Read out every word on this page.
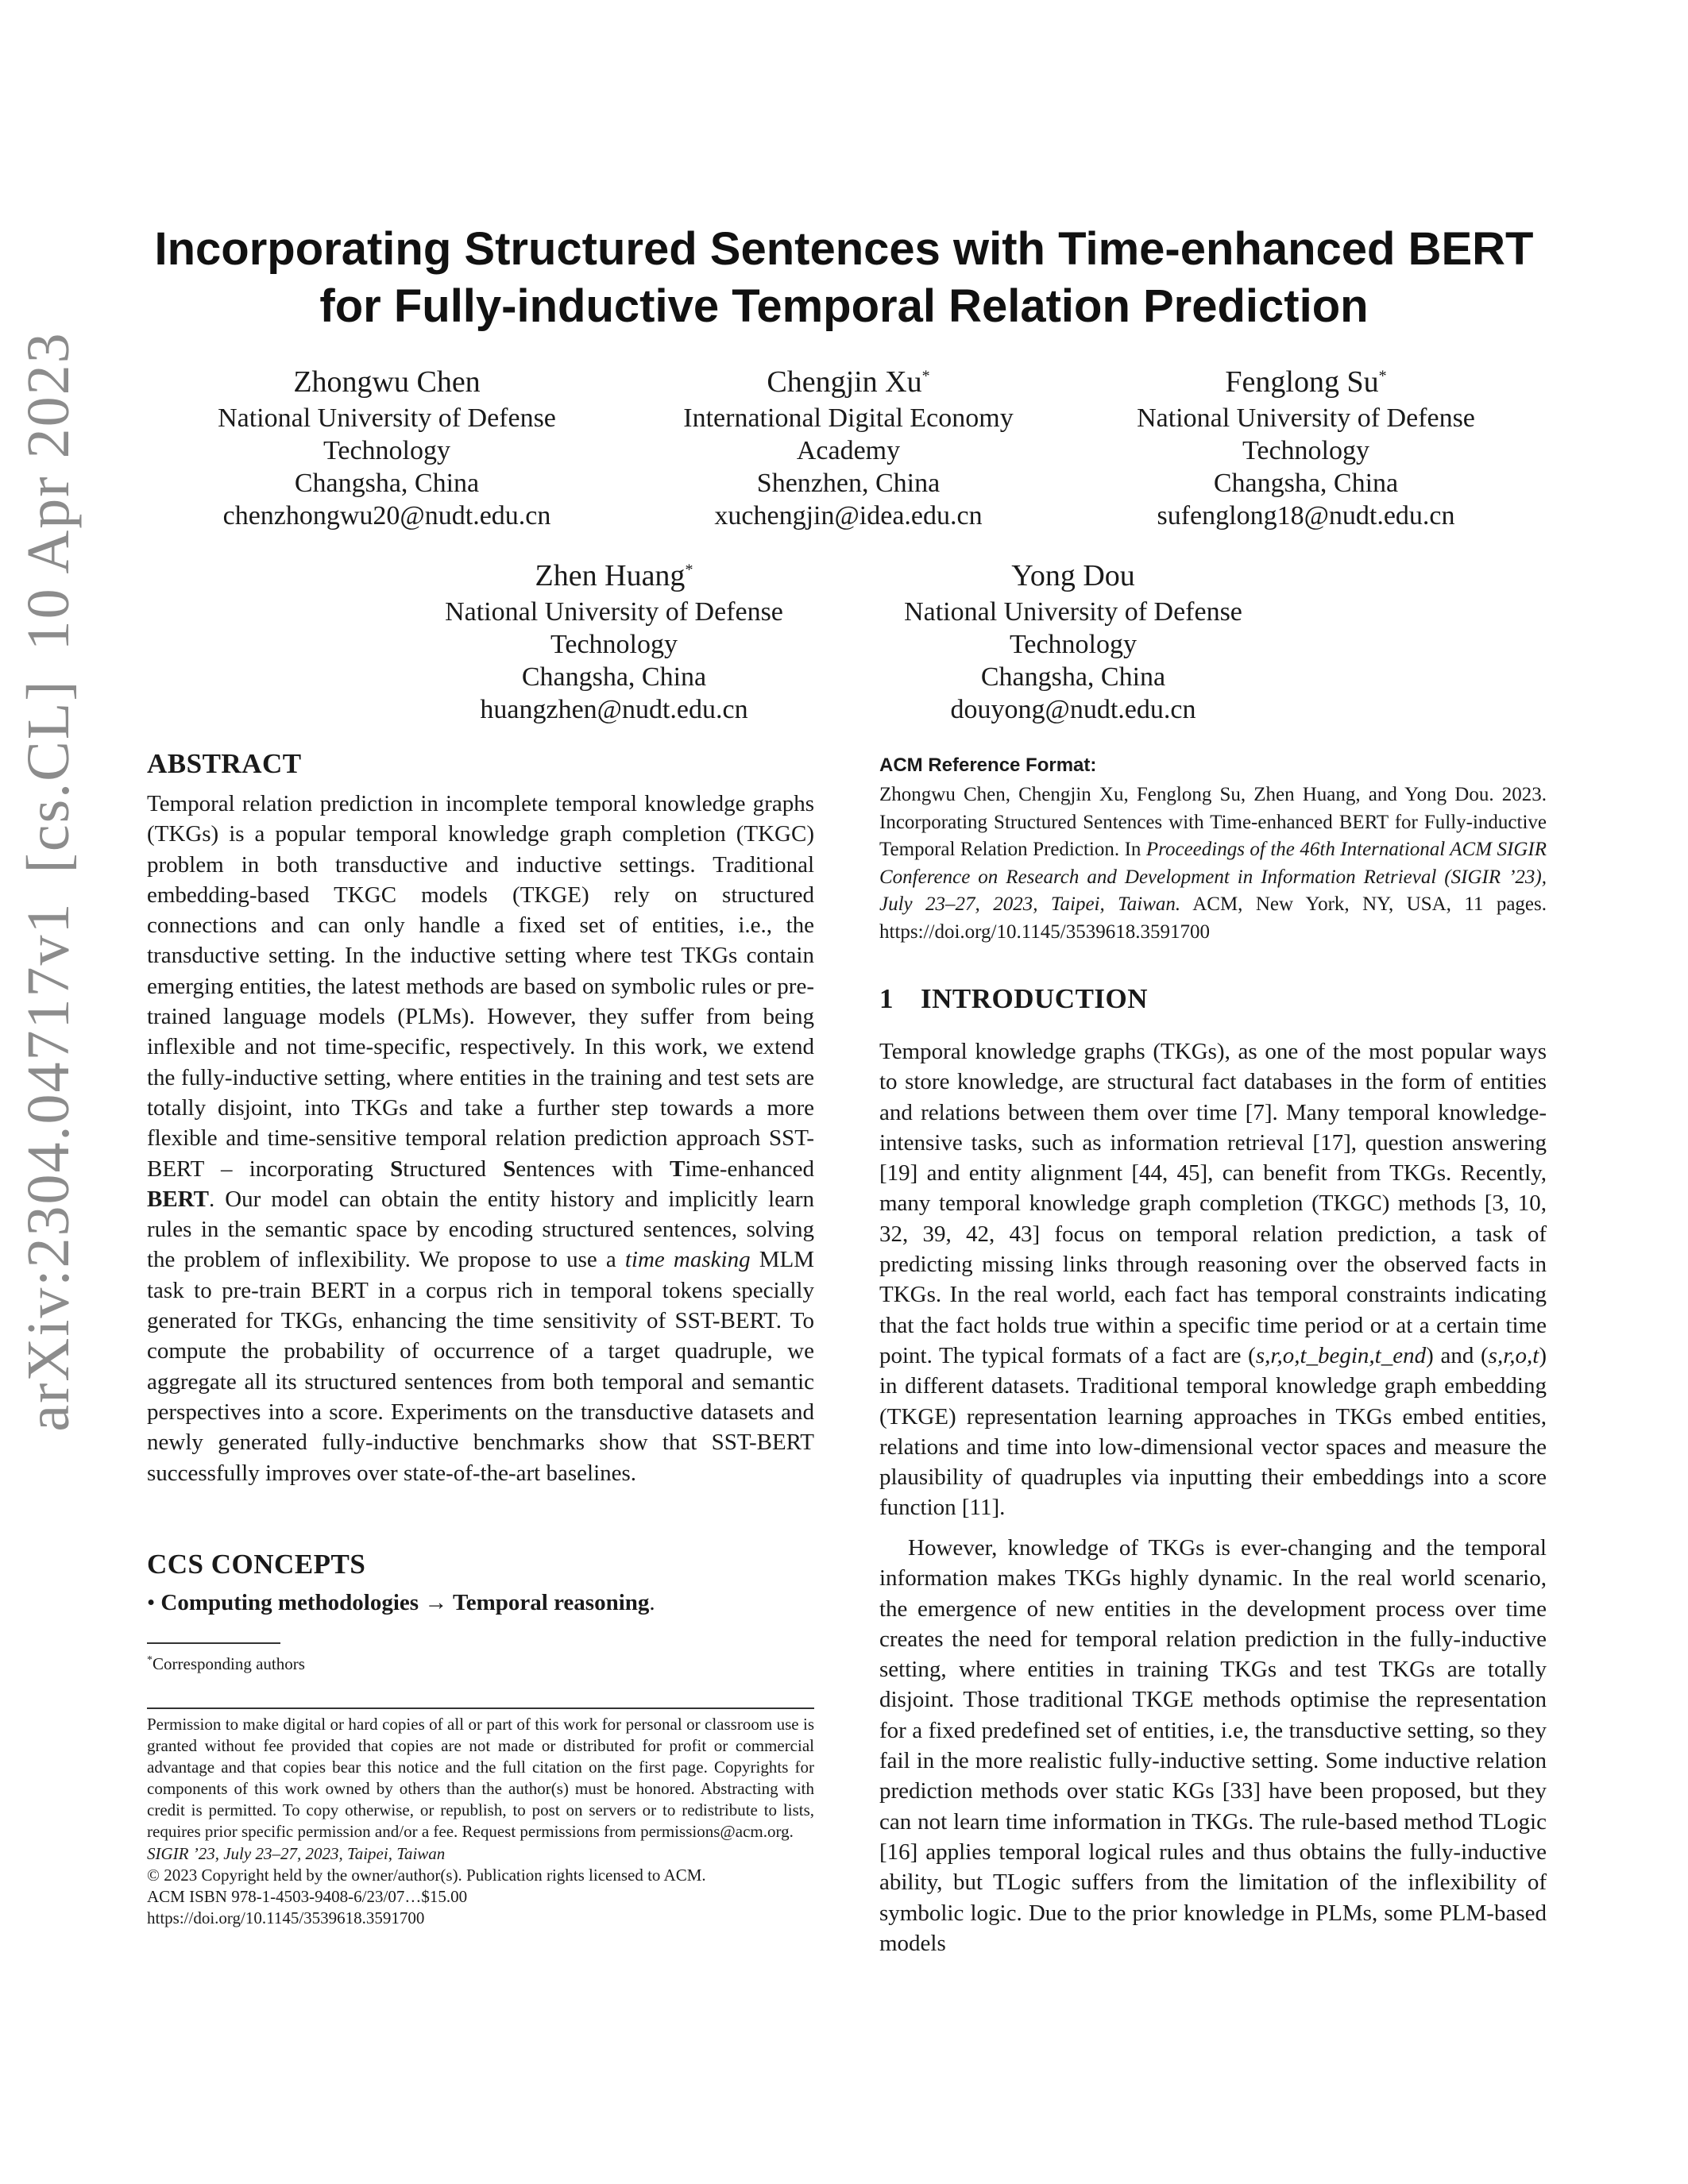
arXiv:2304.04717v1[cs.CL]10 Apr 2023
Incorporating Structured Sentences with Time-enhanced BERT
for Fully-inductive Temporal Relation Prediction
Zhongwu Chen
National University of Defense
Technology
Changsha, China
chenzhongwu20@nudt.edu.cn
Chengjin Xu*
International Digital Economy
Academy
Shenzhen, China
xuchengjin@idea.edu.cn
Fenglong Su*
National University of Defense
Technology
Changsha, China
sufenglong18@nudt.edu.cn
Zhen Huang*
National University of Defense
Technology
Changsha, China
huangzhen@nudt.edu.cn
Yong Dou
National University of Defense
Technology
Changsha, China
douyong@nudt.edu.cn
ABSTRACT

Temporal relation prediction in incomplete temporal knowledge graphs (TKGs) is a popular temporal knowledge graph completion (TKGC) problem in both transductive and inductive settings. Traditional embedding-based TKGC models (TKGE) rely on structured connections and can only handle a fixed set of entities, i.e., the transductive setting. In the inductive setting where test TKGs contain emerging entities, the latest methods are based on symbolic rules or pre-trained language models (PLMs). However, they suffer from being inflexible and not time-specific, respectively. In this work, we extend the fully-inductive setting, where entities in the training and test sets are totally disjoint, into TKGs and take a further step towards a more flexible and time-sensitive temporal relation prediction approach SST-BERT – incorporating Structured Sentences with Time-enhanced BERT. Our model can obtain the entity history and implicitly learn rules in the semantic space by encoding structured sentences, solving the problem of inflexibility. We propose to use a time masking MLM task to pre-train BERT in a corpus rich in temporal tokens specially generated for TKGs, enhancing the time sensitivity of SST-BERT. To compute the probability of occurrence of a target quadruple, we aggregate all its structured sentences from both temporal and semantic perspectives into a score. Experiments on the transductive datasets and newly generated fully-inductive benchmarks show that SST-BERT successfully improves over state-of-the-art baselines.

CCS CONCEPTS
• Computing methodologies → Temporal reasoning.
*Corresponding authors

Permission to make digital or hard copies of all or part of this work for personal or classroom use is granted without fee provided that copies are not made or distributed for profit or commercial advantage and that copies bear this notice and the full citation on the first page. Copyrights for components of this work owned by others than the author(s) must be honored. Abstracting with credit is permitted. To copy otherwise, or republish, to post on servers or to redistribute to lists, requires prior specific permission and/or a fee. Request permissions from permissions@acm.org.

SIGIR ’23, July 23–27, 2023, Taipei, Taiwan

© 2023 Copyright held by the owner/author(s). Publication rights licensed to ACM.

ACM ISBN 978-1-4503-9408-6/23/07…$15.00

https://doi.org/10.1145/3539618.3591700

ACM Reference Format:
Zhongwu Chen, Chengjin Xu, Fenglong Su, Zhen Huang, and Yong Dou. 2023. Incorporating Structured Sentences with Time-enhanced BERT for Fully-inductive Temporal Relation Prediction. In Proceedings of the 46th International ACM SIGIR Conference on Research and Development in Information Retrieval (SIGIR ’23), July 23–27, 2023, Taipei, Taiwan. ACM, New York, NY, USA, 11 pages. https://doi.org/10.1145/3539618.3591700
1 INTRODUCTION

Temporal knowledge graphs (TKGs), as one of the most popular ways to store knowledge, are structural fact databases in the form of entities and relations between them over time [7]. Many temporal knowledge-intensive tasks, such as information retrieval [17], question answering [19] and entity alignment [44, 45], can benefit from TKGs. Recently, many temporal knowledge graph completion (TKGC) methods [3, 10, 32, 39, 42, 43] focus on temporal relation prediction, a task of predicting missing links through reasoning over the observed facts in TKGs. In the real world, each fact has temporal constraints indicating that the fact holds true within a specific time period or at a certain time point. The typical formats of a fact are (s,r,o,t_begin,t_end) and (s,r,o,t) in different datasets. Traditional temporal knowledge graph embedding (TKGE) representation learning approaches in TKGs embed entities, relations and time into low-dimensional vector spaces and measure the plausibility of quadruples via inputting their embeddings into a score function [11].

However, knowledge of TKGs is ever-changing and the temporal information makes TKGs highly dynamic. In the real world scenario, the emergence of new entities in the development process over time creates the need for temporal relation prediction in the fully-inductive setting, where entities in training TKGs and test TKGs are totally disjoint. Those traditional TKGE methods optimise the representation for a fixed predefined set of entities, i.e, the transductive setting, so they fail in the more realistic fully-inductive setting. Some inductive relation prediction methods over static KGs [33] have been proposed, but they can not learn time information in TKGs. The rule-based method TLogic [16] applies temporal logical rules and thus obtains the fully-inductive ability, but TLogic suffers from the limitation of the inflexibility of symbolic logic. Due to the prior knowledge in PLMs, some PLM-based models
